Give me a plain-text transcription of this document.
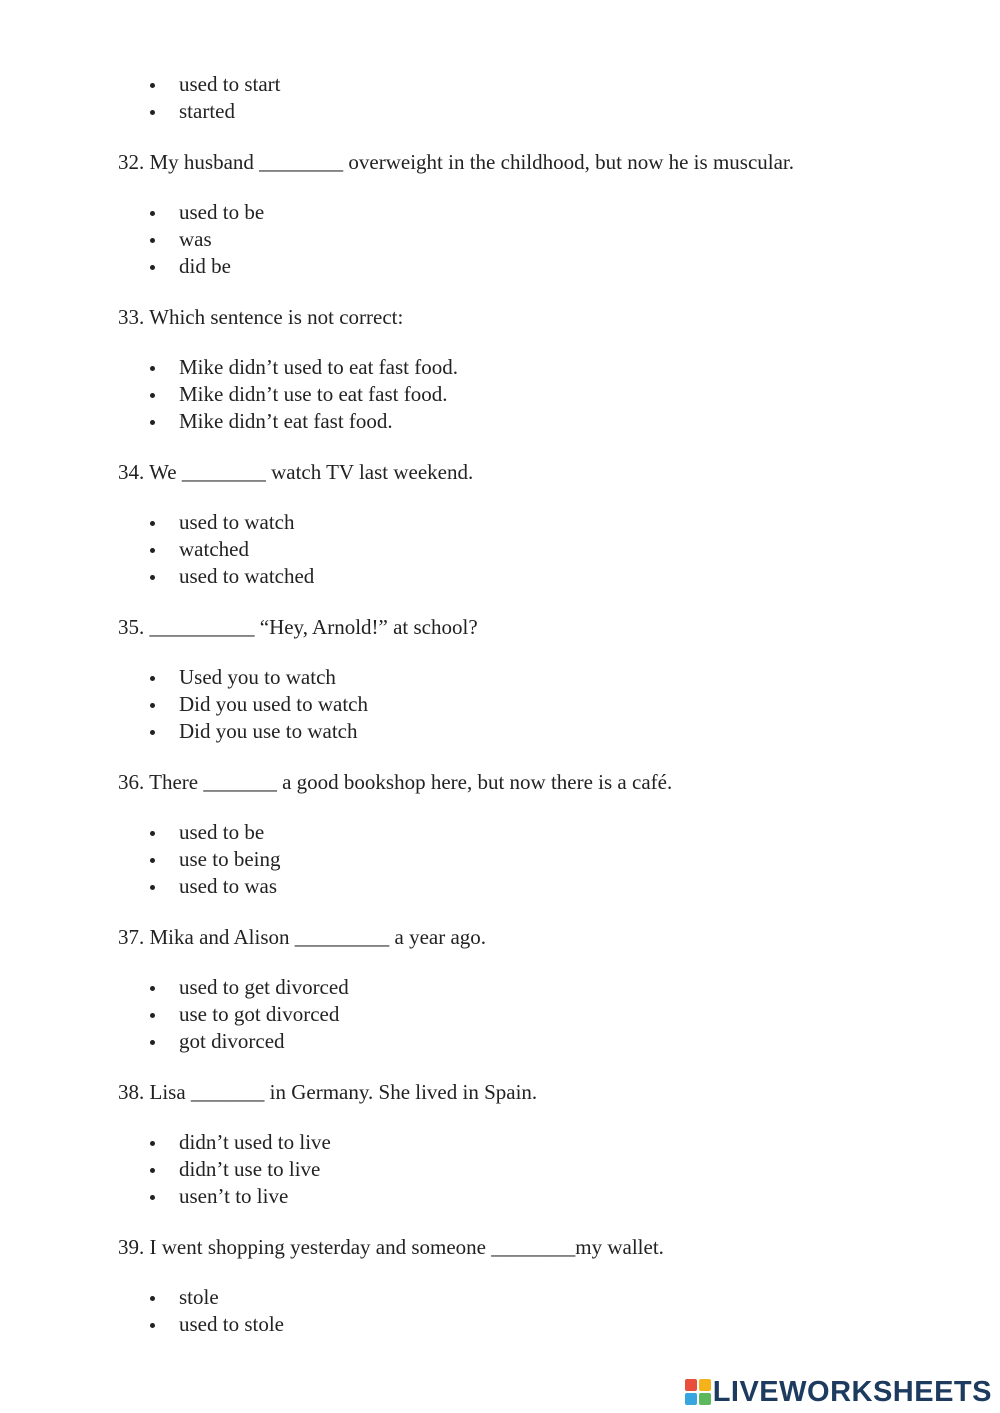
used to start
started

32. My husband ________ overweight in the childhood, but now he is muscular.

used to be
was
did be

33. Which sentence is not correct:

Mike didn’t used to eat fast food.
Mike didn’t use to eat fast food.
Mike didn’t eat fast food.

34. We ________ watch TV last weekend.

used to watch
watched
used to watched

35. __________ “Hey, Arnold!” at school?

Used you to watch
Did you used to watch
Did you use to watch

36. There _______ a good bookshop here, but now there is a café.

used to be
use to being
used to was

37. Mika and Alison _________ a year ago.

used to get divorced
use to got divorced
got divorced

38. Lisa _______ in Germany. She lived in Spain.

didn’t used to live
didn’t use to live
usen’t to live

39. I went shopping yesterday and someone ________my wallet.

stole
used to stole
LIVEWORKSHEETS
